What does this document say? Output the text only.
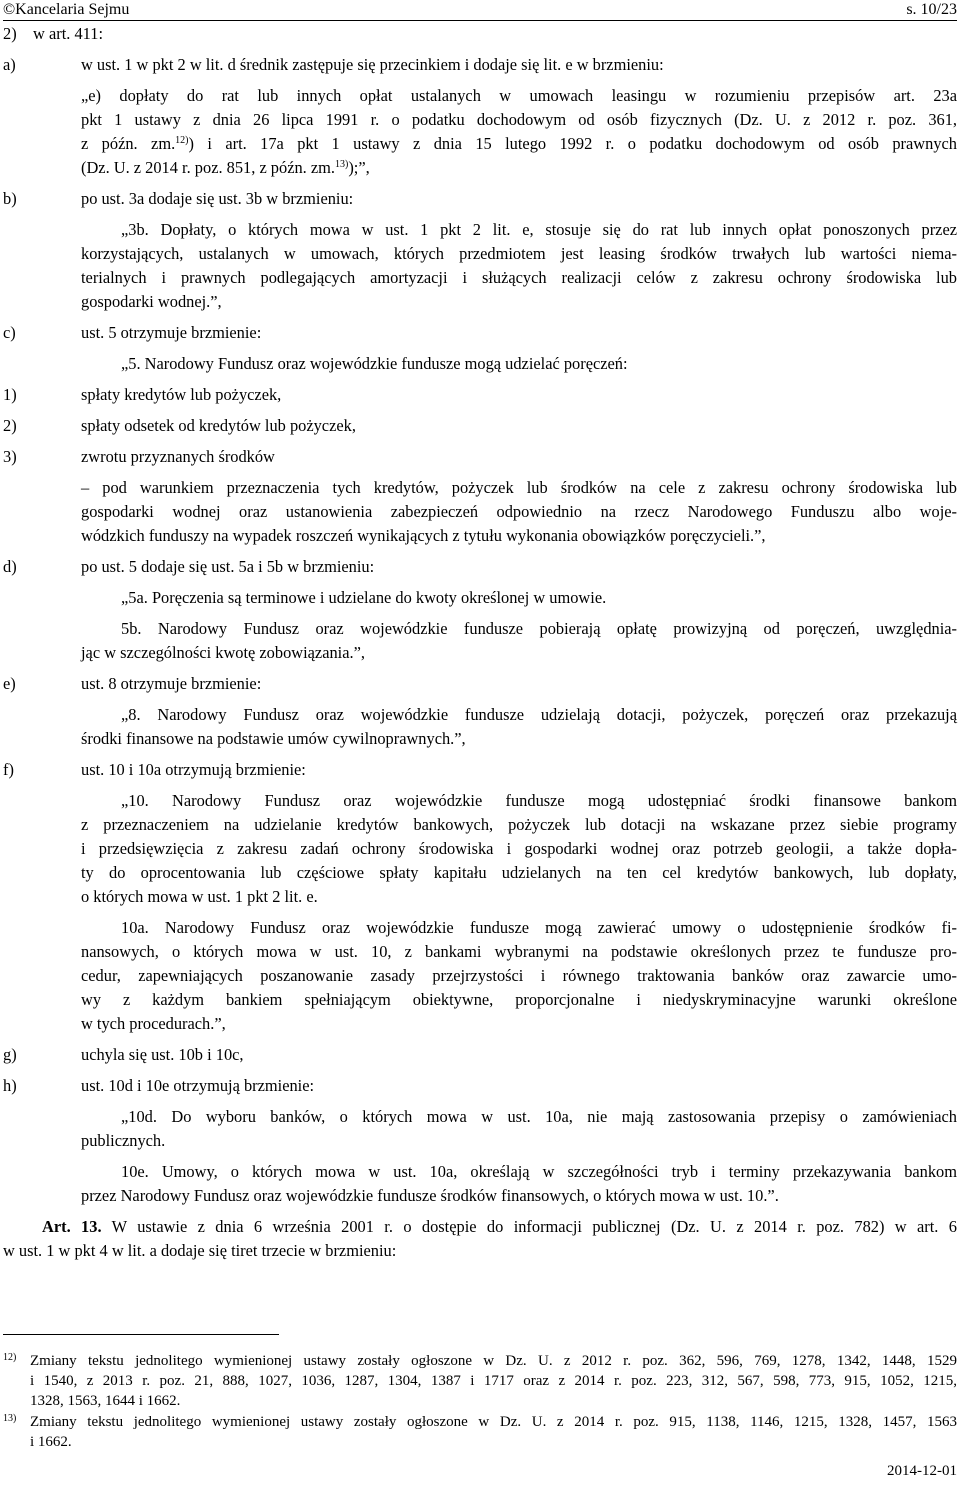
©Kancelaria Sejmu	s. 10/23

2) w art. 411:

a)	w ust. 1 w pkt 2 w lit. d średnik zastępuje się przecinkiem i dodaje się lit. e w brzmieniu:

„e) dopłaty do rat lub innych opłat ustalanych w umowach leasingu w rozumieniu przepisów art. 23a

pkt 1 ustawy z dnia 26 lipca 1991 r. o podatku dochodowym od osób fizycznych (Dz. U. z 2012 r. poz. 361,

z późn. zm.$^{12)}$) i art. 17a pkt 1 ustawy z dnia 15 lutego 1992 r. o podatku dochodowym od osób prawnych

(Dz. U. z 2014 r. poz. 851, z późn. zm.$^{13)}$);”,

b)	po ust. 3a dodaje się ust. 3b w brzmieniu:

„3b. Dopłaty, o których mowa w ust. 1 pkt 2 lit. e, stosuje się do rat lub innych opłat ponoszonych przez

korzystających, ustalanych w umowach, których przedmiotem jest leasing środków trwałych lub wartości niema-

terialnych i prawnych podlegających amortyzacji i służących realizacji celów z zakresu ochrony środowiska lub

gospodarki wodnej.”,

c)	ust. 5 otrzymuje brzmienie:

„5. Narodowy Fundusz oraz wojewódzkie fundusze mogą udzielać poręczeń:

1)	spłaty kredytów lub pożyczek,
2)	spłaty odsetek od kredytów lub pożyczek,
3)	zwrotu przyznanych środków

– pod warunkiem przeznaczenia tych kredytów, pożyczek lub środków na cele z zakresu ochrony środowiska lub

gospodarki wodnej oraz ustanowienia zabezpieczeń odpowiednio na rzecz Narodowego Funduszu albo woje-

wódzkich funduszy na wypadek roszczeń wynikających z tytułu wykonania obowiązków poręczycieli.”,

d)	po ust. 5 dodaje się ust. 5a i 5b w brzmieniu:

„5a. Poręczenia są terminowe i udzielane do kwoty określonej w umowie.

5b. Narodowy Fundusz oraz wojewódzkie fundusze pobierają opłatę prowizyjną od poręczeń, uwzględnia-

jąc w szczególności kwotę zobowiązania.”,

e)	ust. 8 otrzymuje brzmienie:

„8. Narodowy Fundusz oraz wojewódzkie fundusze udzielają dotacji, pożyczek, poręczeń oraz przekazują

środki finansowe na podstawie umów cywilnoprawnych.”,

f)	ust. 10 i 10a otrzymują brzmienie:

„10. Narodowy Fundusz oraz wojewódzkie fundusze mogą udostępniać środki finansowe bankom

z przeznaczeniem na udzielanie kredytów bankowych, pożyczek lub dotacji na wskazane przez siebie programy

i przedsięwzięcia z zakresu zadań ochrony środowiska i gospodarki wodnej oraz potrzeb geologii, a także dopła-

ty do oprocentowania lub częściowe spłaty kapitału udzielanych na ten cel kredytów bankowych, lub dopłaty,

o których mowa w ust. 1 pkt 2 lit. e.

10a. Narodowy Fundusz oraz wojewódzkie fundusze mogą zawierać umowy o udostępnienie środków fi-

nansowych, o których mowa w ust. 10, z bankami wybranymi na podstawie określonych przez te fundusze pro-

cedur, zapewniających poszanowanie zasady przejrzystości i równego traktowania banków oraz zawarcie umo-

wy z każdym bankiem spełniającym obiektywne, proporcjonalne i niedyskryminacyjne warunki określone

w tych procedurach.”,

g)	uchyla się ust. 10b i 10c,
h)	ust. 10d i 10e otrzymują brzmienie:

„10d. Do wyboru banków, o których mowa w ust. 10a, nie mają zastosowania przepisy o zamówieniach

publicznych.

10e. Umowy, o których mowa w ust. 10a, określają w szczegółności tryb i terminy przekazywania bankom

przez Narodowy Fundusz oraz wojewódzkie fundusze środków finansowych, o których mowa w ust. 10.”.

Art. 13. W ustawie z dnia 6 września 2001 r. o dostępie do informacji publicznej (Dz. U. z 2014 r. poz. 782) w art. 6

w ust. 1 w pkt 4 w lit. a dodaje się tiret trzecie w brzmieniu:

12) Zmiany tekstu jednolitego wymienionej ustawy zostały ogłoszone w Dz. U. z 2012 r. poz. 362, 596, 769, 1278, 1342, 1448, 1529

i 1540, z 2013 r. poz. 21, 888, 1027, 1036, 1287, 1304, 1387 i 1717 oraz z 2014 r. poz. 223, 312, 567, 598, 773, 915, 1052, 1215,

1328, 1563, 1644 i 1662.

13) Zmiany tekstu jednolitego wymienionej ustawy zostały ogłoszone w Dz. U. z 2014 r. poz. 915, 1138, 1146, 1215, 1328, 1457, 1563

i 1662.

2014-12-01
